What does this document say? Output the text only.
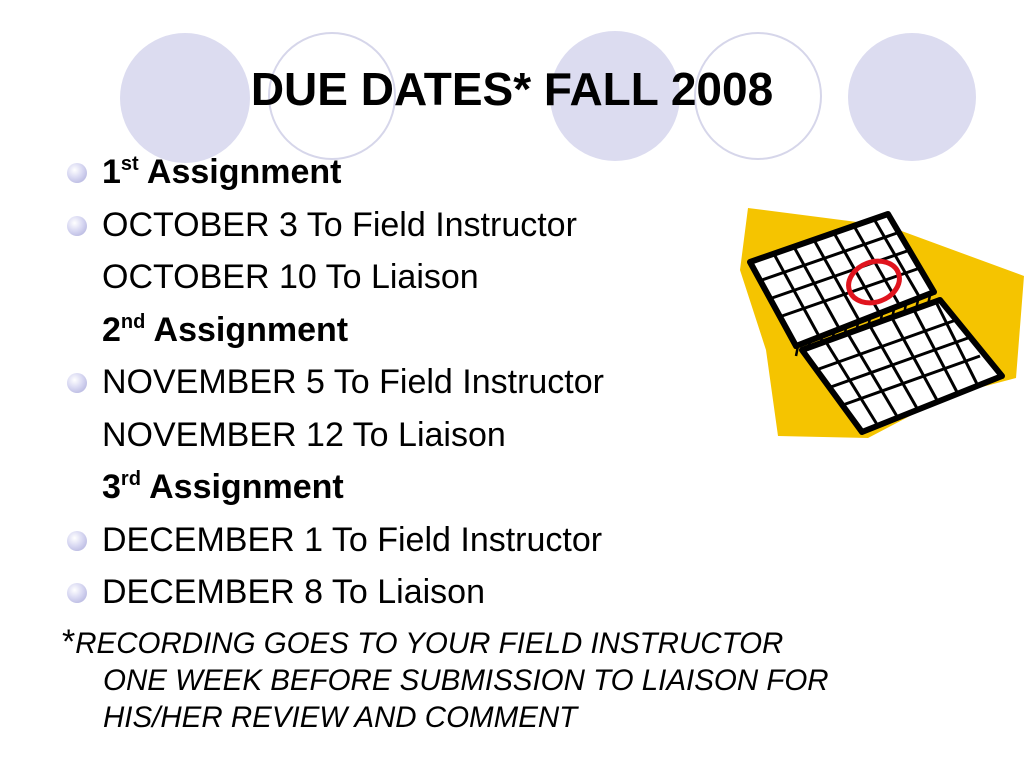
DUE DATES* FALL 2008
1st Assignment
OCTOBER 3 To Field Instructor
OCTOBER 10 To Liaison
2nd Assignment
NOVEMBER 5 To Field Instructor
NOVEMBER 12 To Liaison
3rd Assignment
DECEMBER 1 To Field Instructor
DECEMBER 8 To Liaison
*RECORDING GOES TO YOUR FIELD INSTRUCTOR
ONE WEEK BEFORE SUBMISSION TO LIAISON FOR
HIS/HER REVIEW AND COMMENT
